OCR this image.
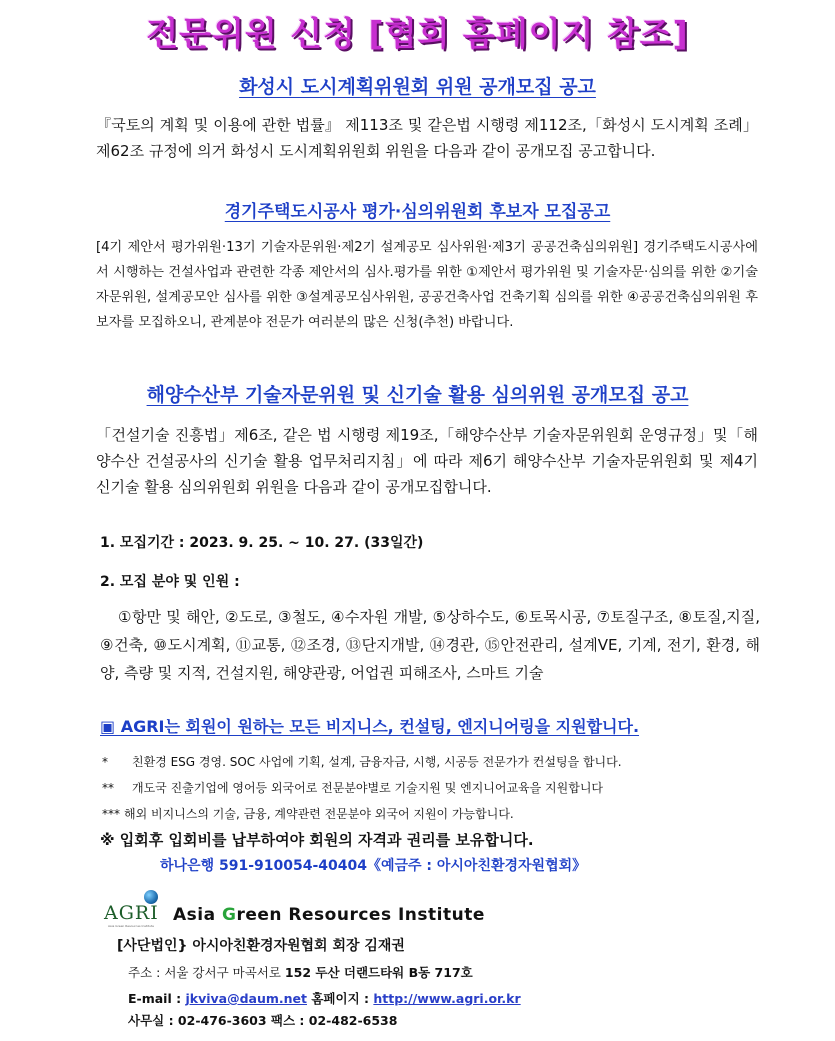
전문위원 신청 [협회 홈페이지 참조]
화성시 도시계획위원회 위원 공개모집 공고
『국토의 계획 및 이용에 관한 법률』 제113조 및 같은법 시행령 제112조,「화성시 도시계획 조례」제62조 규정에 의거 화성시 도시계획위원회 위원을 다음과 같이 공개모집 공고합니다.
경기주택도시공사 평가·심의위원회 후보자 모집공고
[4기 제안서 평가위원·13기 기술자문위원·제2기 설계공모 심사위원·제3기 공공건축심의위원] 경기주택도시공사에서 시행하는 건설사업과 관련한 각종 제안서의 심사.평가를 위한 ①제안서 평가위원 및 기술자문·심의를 위한 ②기술자문위원, 설계공모안 심사를 위한 ③설계공모심사위원, 공공건축사업 건축기획 심의를 위한 ④공공건축심의위원 후보자를 모집하오니, 관계분야 전문가 여러분의 많은 신청(추천) 바랍니다.
해양수산부 기술자문위원 및 신기술 활용 심의위원 공개모집 공고
「건설기술 진흥법」제6조, 같은 법 시행령 제19조,「해양수산부 기술자문위원회 운영규정」및「해양수산 건설공사의 신기술 활용 업무처리지침」에 따라 제6기 해양수산부 기술자문위원회 및 제4기 신기술 활용 심의위원회 위원을 다음과 같이 공개모집합니다.
1. 모집기간 : 2023. 9. 25. ~ 10. 27. (33일간)
2. 모집 분야 및 인원 :
①항만 및 해안, ②도로, ③철도, ④수자원 개발, ⑤상하수도, ⑥토목시공, ⑦토질구조, ⑧토질,지질, ⑨건축, ⑩도시계획, ⑪교통, ⑫조경, ⑬단지개발, ⑭경관, ⑮안전관리, 설계VE, 기계, 전기, 환경, 해양, 측량 및 지적, 건설지원, 해양관광, 어업권 피해조사, 스마트 기술
▣ AGRI는 회원이 원하는 모든 비지니스, 컨설팅, 엔지니어링을 지원합니다.
* 친환경 ESG 경영. SOC 사업에 기획, 설계, 금융자금, 시행, 시공등 전문가가 컨설팅을 합니다.
** 개도국 진출기업에 영어등 외국어로 전문분야별로 기술지원 및 엔지니어교육을 지원합니다
*** 해외 비지니스의 기술, 금융, 계약관련 전문분야 외국어 지원이 가능합니다.
※ 입회후 입회비를 납부하여야 회원의 자격과 권리를 보유합니다.
하나은행 591-910054-40404《예금주 : 아시아친환경자원협회》
AGRI
Asia Green Resources Institute
Asia Green Resources Institute
[사단법인} 아시아친환경자원협회 회장 김재권
주소 : 서울 강서구 마곡서로 152 두산 더랜드타워 B동 717호
E-mail : jkviva@daum.net 홈페이지 : http://www.agri.or.kr
사무실 : 02-476-3603 팩스 : 02-482-6538
